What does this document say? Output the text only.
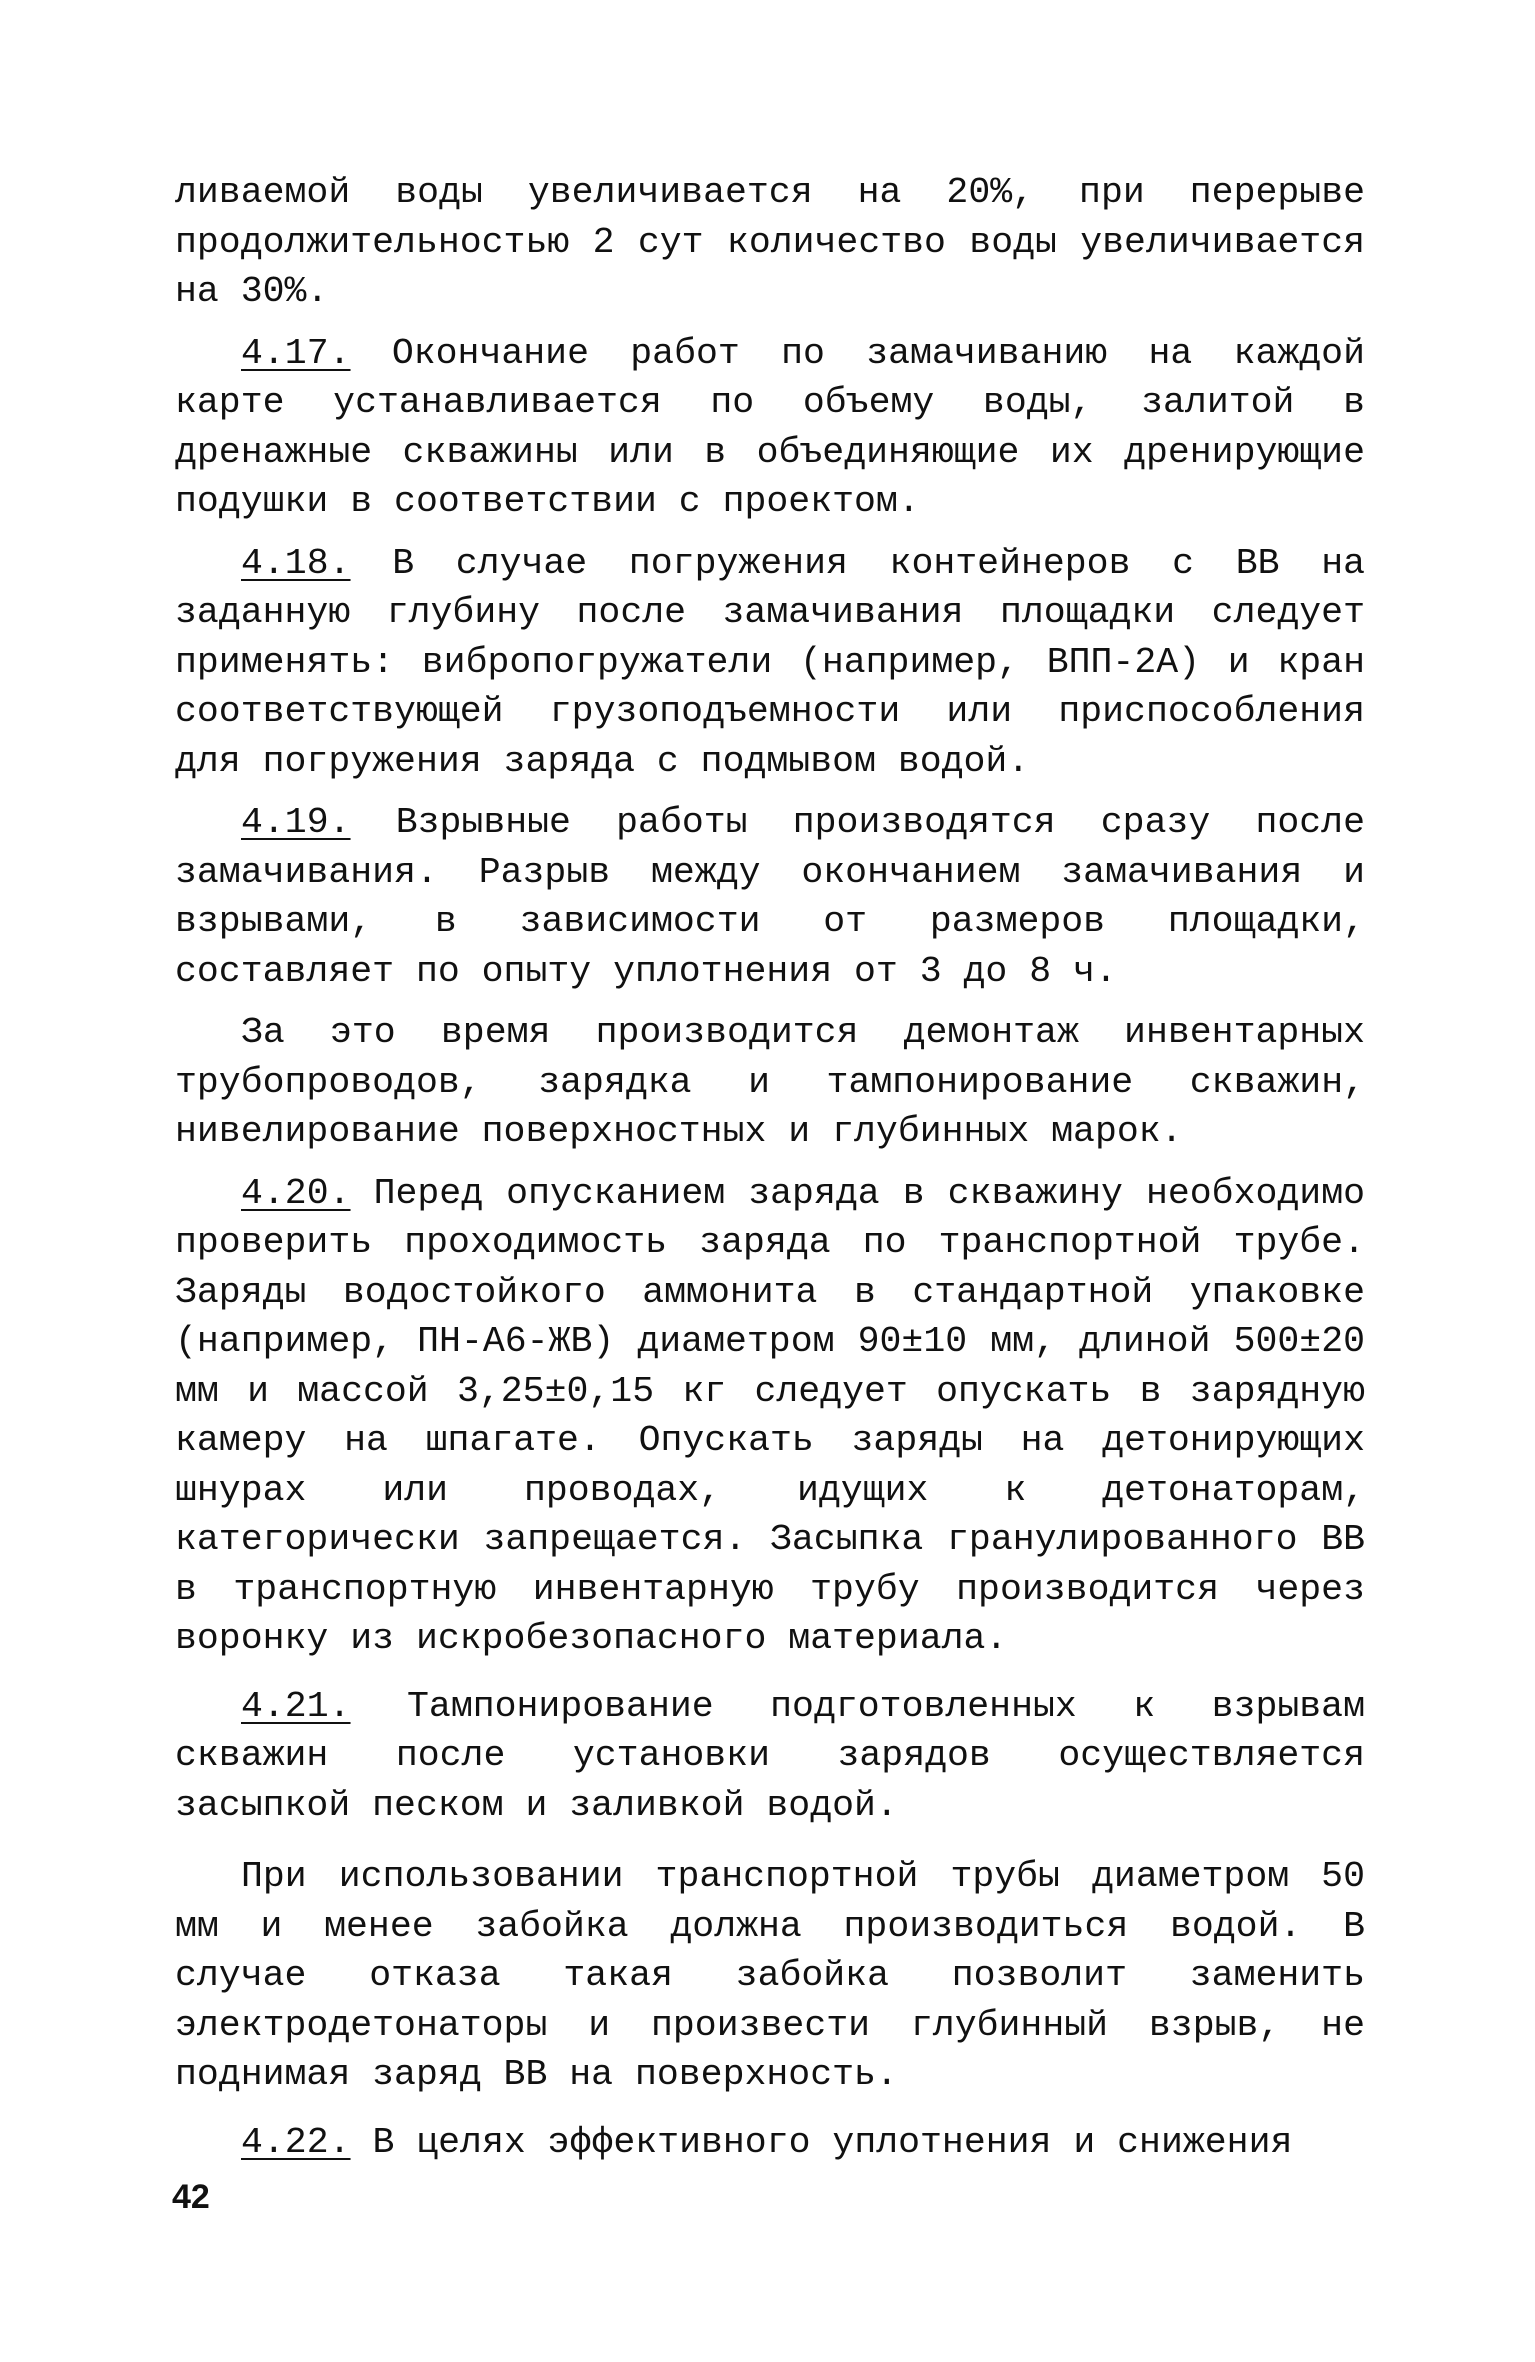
ливаемой воды увеличивается на 20%, при перерыве продолжительностью 2 сут количество воды увеличивается на 30%.

4.17. Окончание работ по замачиванию на каждой карте устанавливается по объему воды, залитой в дренажные скважины или в объединяющие их дренирующие подушки в соответствии с проектом.

4.18. В случае погружения контейнеров с ВВ на заданную глубину после замачивания площадки следует применять: вибропогружатели (например, ВПП-2А) и кран соответствующей грузоподъемности или приспособления для погружения заряда с подмывом водой.

4.19. Взрывные работы производятся сразу после замачивания. Разрыв между окончанием замачивания и взрывами, в зависимости от размеров площадки, составляет по опыту уплотнения от 3 до 8 ч.

За это время производится демонтаж инвентарных трубопроводов, зарядка и тампонирование скважин, нивелирование поверхностных и глубинных марок.

4.20. Перед опусканием заряда в скважину необходимо проверить проходимость заряда по транспортной трубе. Заряды водостойкого аммонита в стандартной упаковке (например, ПН-А6-ЖВ) диаметром 90±10 мм, длиной 500±20 мм и массой 3,25±0,15 кг следует опускать в зарядную камеру на шпагате. Опускать заряды на детонирующих шнурах или проводах, идущих к детонаторам, категорически запрещается. Засыпка гранулированного ВВ в транспортную инвентарную трубу производится через воронку из искробезопасного материала.

4.21. Тампонирование подготовленных к взрывам скважин после установки зарядов осуществляется засыпкой песком и заливкой водой.

При использовании транспортной трубы диаметром 50 мм и менее забойка должна производиться водой. В случае отказа такая забойка позволит заменить электродетонаторы и произвести глубинный взрыв, не поднимая заряд ВВ на поверхность.

4.22. В целях эффективного уплотнения и снижения

42
